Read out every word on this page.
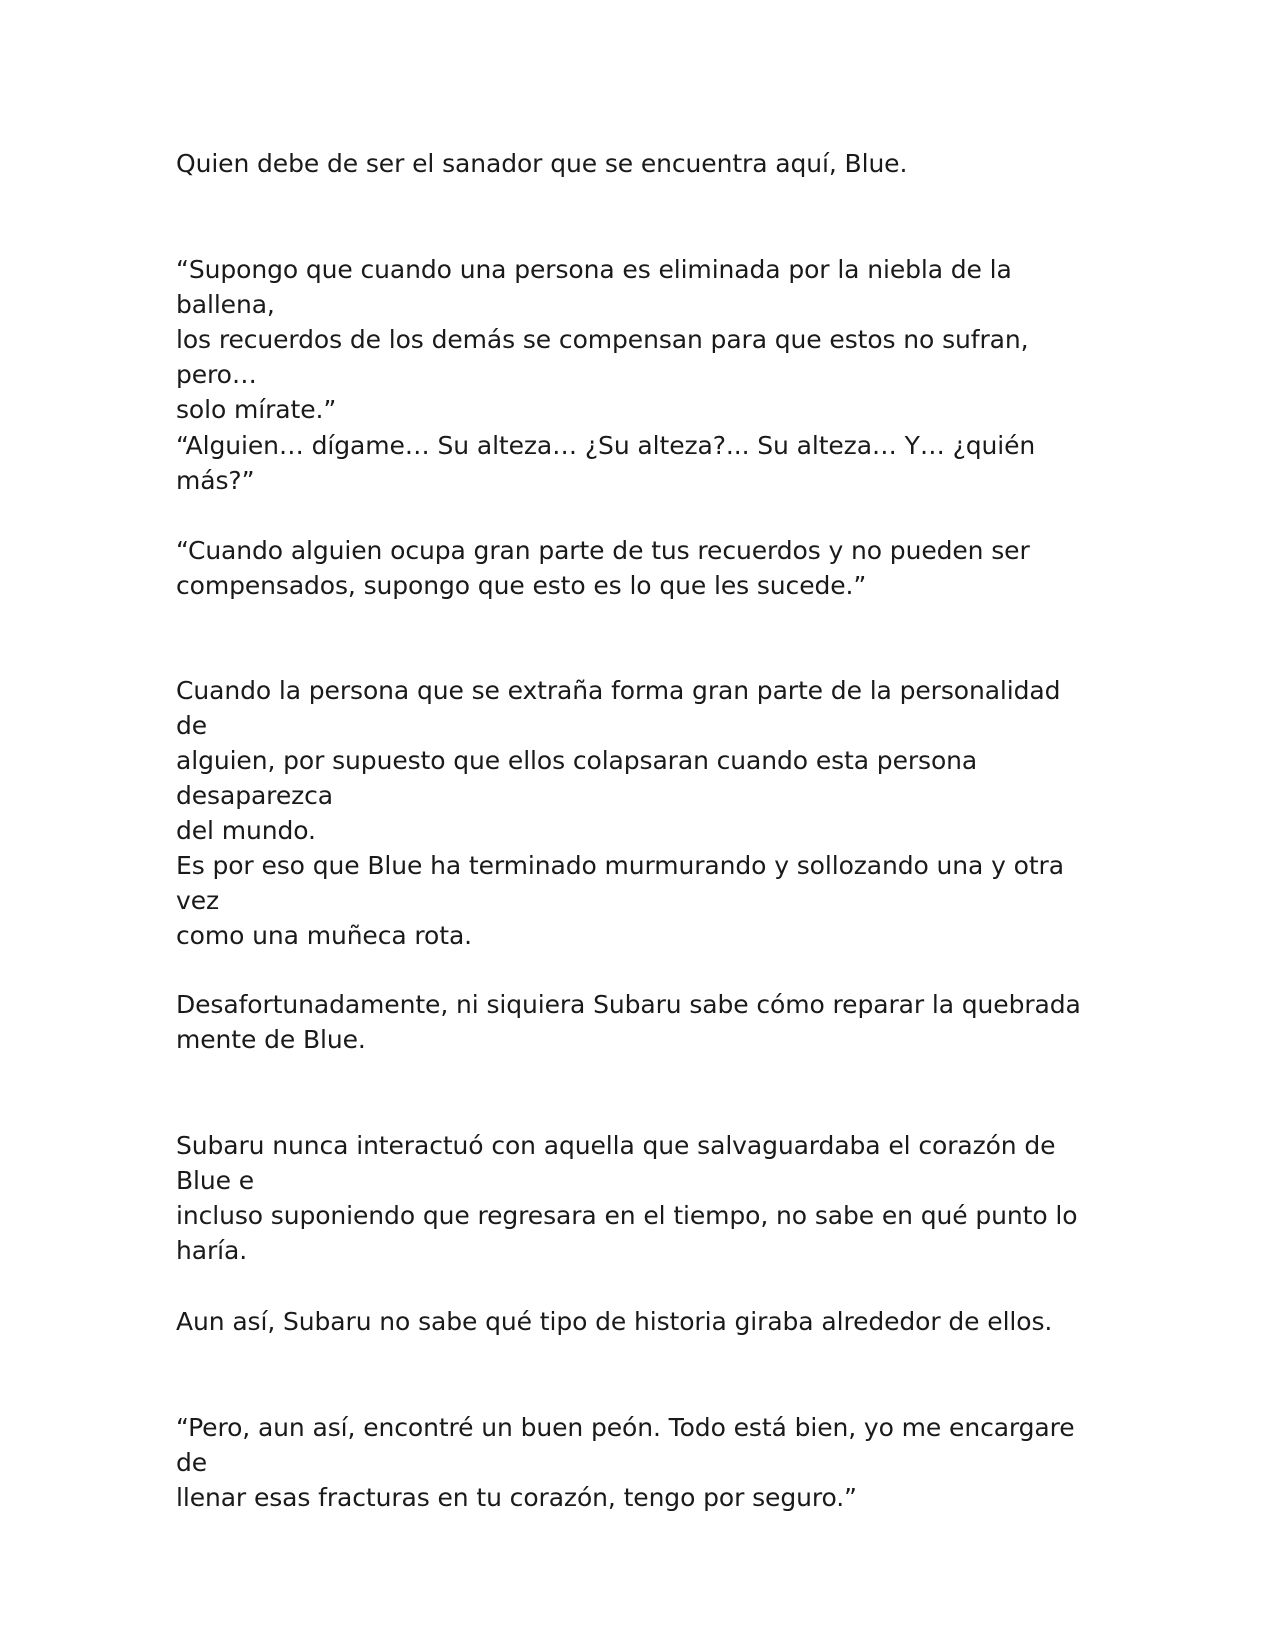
Quien debe de ser el sanador que se encuentra aquí, Blue.

“Supongo que cuando una persona es eliminada por la niebla de la ballena,
los recuerdos de los demás se compensan para que estos no sufran, pero…
solo mírate.”

“Alguien… dígame… Su alteza… ¿Su alteza?... Su alteza… Y… ¿quién más?”

“Cuando alguien ocupa gran parte de tus recuerdos y no pueden ser
compensados, supongo que esto es lo que les sucede.”

Cuando la persona que se extraña forma gran parte de la personalidad de
alguien, por supuesto que ellos colapsaran cuando esta persona desaparezca
del mundo.

Es por eso que Blue ha terminado murmurando y sollozando una y otra vez
como una muñeca rota.

Desafortunadamente, ni siquiera Subaru sabe cómo reparar la quebrada
mente de Blue.

Subaru nunca interactuó con aquella que salvaguardaba el corazón de Blue e
incluso suponiendo que regresara en el tiempo, no sabe en qué punto lo
haría.

Aun así, Subaru no sabe qué tipo de historia giraba alrededor de ellos.

“Pero, aun así, encontré un buen peón. Todo está bien, yo me encargare de
llenar esas fracturas en tu corazón, tengo por seguro.”
